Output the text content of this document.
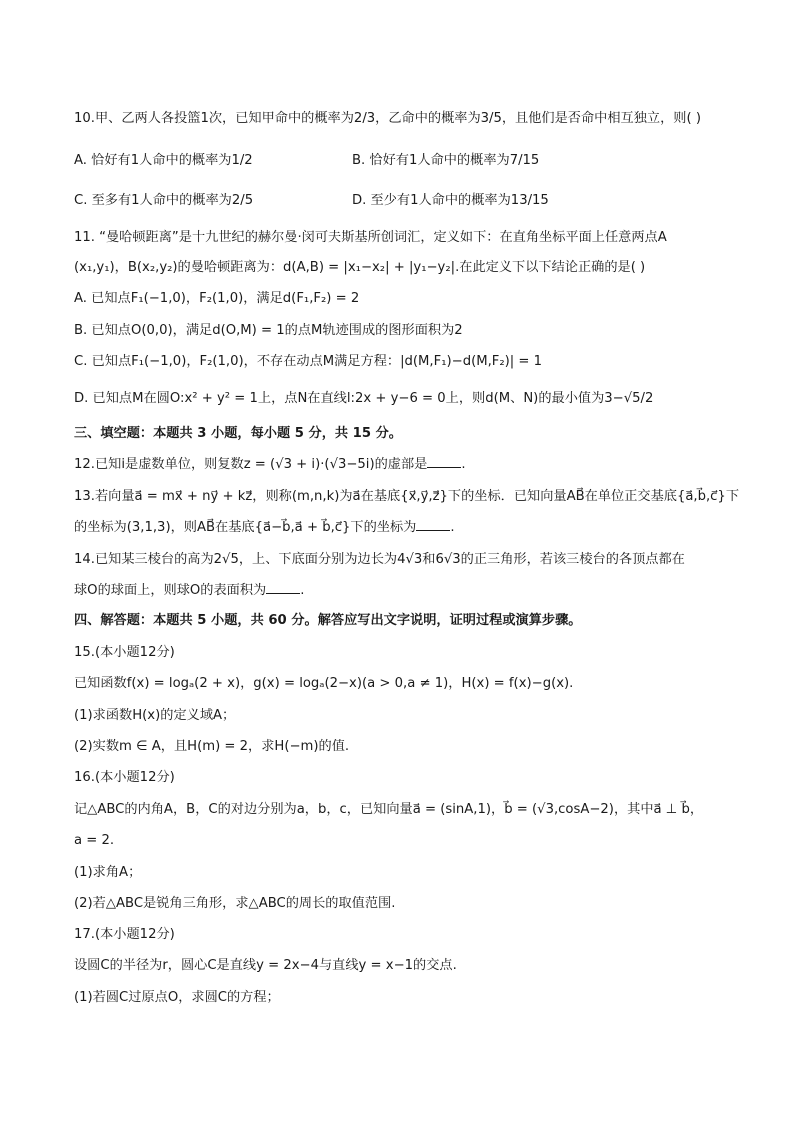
10.甲、乙两人各投篮1次，已知甲命中的概率为2/3，乙命中的概率为3/5，且他们是否命中相互独立，则( )
A. 恰好有1人命中的概率为1/2	B. 恰好有1人命中的概率为7/15
C. 至多有1人命中的概率为2/5	D. 至少有1人命中的概率为13/15
11. “曼哈顿距离”是十九世纪的赫尔曼·闵可夫斯基所创词汇，定义如下：在直角坐标平面上任意两点A
(x₁,y₁)，B(x₂,y₂)的曼哈顿距离为：d(A,B) = |x₁−x₂| + |y₁−y₂|.在此定义下以下结论正确的是( )
A. 已知点F₁(−1,0)，F₂(1,0)，满足d(F₁,F₂) = 2
B. 已知点O(0,0)，满足d(O,M) = 1的点M轨迹围成的图形面积为2
C. 已知点F₁(−1,0)，F₂(1,0)，不存在动点M满足方程：|d(M,F₁)−d(M,F₂)| = 1
D. 已知点M在圆O:x² + y² = 1上，点N在直线l:2x + y−6 = 0上，则d(M、N)的最小值为3−√5/2
三、填空题：本题共 3 小题，每小题 5 分，共 15 分。
12.已知i是虚数单位，则复数z = (√3 + i)·(√3−5i)的虚部是	.
13.若向量a⃗ = mx⃗ + ny⃗ + kz⃗，则称(m,n,k)为a⃗在基底{x⃗,y⃗,z⃗}下的坐标．已知向量AB⃗在单位正交基底{a⃗,b⃗,c⃗}下
的坐标为(3,1,3)，则AB⃗在基底{a⃗−b⃗,a⃗ + b⃗,c⃗}下的坐标为	.
14.已知某三棱台的高为2√5，上、下底面分别为边长为4√3和6√3的正三角形，若该三棱台的各顶点都在
球O的球面上，则球O的表面积为	.
四、解答题：本题共 5 小题，共 60 分。解答应写出文字说明，证明过程或演算步骤。
15.(本小题12分)
已知函数f(x) = logₐ(2 + x)，g(x) = logₐ(2−x)(a > 0,a ≠ 1)，H(x) = f(x)−g(x).
(1)求函数H(x)的定义域A；
(2)实数m ∈ A，且H(m) = 2，求H(−m)的值.
16.(本小题12分)
记△ABC的内角A，B，C的对边分别为a，b，c，已知向量a⃗ = (sinA,1)，b⃗ = (√3,cosA−2)，其中a⃗ ⊥ b⃗，
a = 2.
(1)求角A；
(2)若△ABC是锐角三角形，求△ABC的周长的取值范围.
17.(本小题12分)
设圆C的半径为r，圆心C是直线y = 2x−4与直线y = x−1的交点.
(1)若圆C过原点O，求圆C的方程；
